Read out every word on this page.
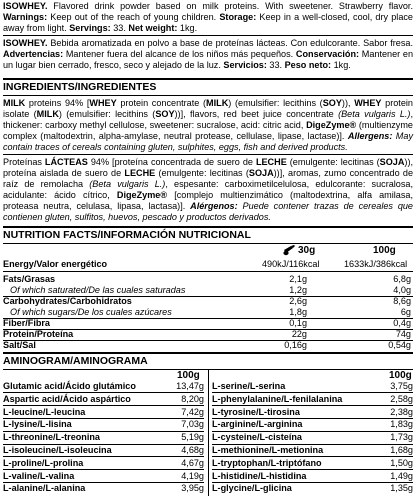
ISOWHEY. Flavored drink powder based on milk proteins. With sweetener. Strawberry flavor. Warnings: Keep out of the reach of young children. Storage: Keep in a well-closed, cool, dry place away from light. Servings: 33. Net weight: 1kg.

ISOWHEY. Bebida aromatizada en polvo a base de proteínas lácteas. Con edulcorante. Sabor fresa. Advertencias: Mantener fuera del alcance de los niños más pequeños. Conservación: Mantener en un lugar bien cerrado, fresco, seco y alejado de la luz. Servicios: 33. Peso neto: 1kg.

INGREDIENTS/INGREDIENTES

MILK proteins 94% [WHEY protein concentrate (MILK) (emulsifier: lecithins (SOY)), WHEY protein isolate (MILK) (emulsifier: lecithins (SOY))], flavors, red beet juice concentrate (Beta vulgaris L.), thickener: carboxy methyl cellulose, sweetener: sucralose, acid: citric acid, DigeZyme® (multienzyme complex (maltodextrin, alpha-amylase, neutral protease, cellulase, lipase, lactase)]. Allergens: May contain traces of cereals containing gluten, sulphites, eggs, fish and derived products.

Proteínas LÁCTEAS 94% [proteína concentrada de suero de LECHE (emulgente: lecitinas (SOJA)), proteína aislada de suero de LECHE (emulgente: lecitinas (SOJA))], aromas, zumo concentrado de raíz de remolacha (Beta vulgaris L.), espesante: carboximetilcelulosa, edulcorante: sucralosa, acidulante: ácido cítrico, DigeZyme® [complejo multienzimático (maltodextrina, alfa amilasa, proteasa neutra, celulasa, lipasa, lactasa)]. Alérgenos: Puede contener trazas de cereales que contienen gluten, sulfitos, huevos, pescado y productos derivados.

NUTRITION FACTS/INFORMACIÓN NUTRICIONAL
30g	100g
Energy/Valor energético	490kJ/116kcal	1633kJ/386kcal
Fats/Grasas	2,1g	6,8g
Of which saturated/De las cuales saturadas	1,2g	4,0g
Carbohydrates/Carbohidratos	2,6g	8,6g
Of which sugars/De los cuales azúcares	1,8g	6g
Fiber/Fibra	0,1g	0,4g
Protein/Proteína	22g	74g
Salt/Sal	0,16g	0,54g
AMINOGRAM/AMINOGRAMA
100g	100g
Glutamic acid/Ácido glutámico	13,47g
Aspartic acid/Ácido aspártico	8,20g
L-leucine/L-leucina	7,42g
L-lysine/L-lisina	7,03g
L-threonine/L-treonina	5,19g
L-isoleucine/L-isoleucina	4,68g
L-proline/L-prolina	4,67g
L-valine/L-valina	4,19g
L-alanine/L-alanina	3,95g
L-serine/L-serina	3,75g
L-phenylalanine/L-fenilalanina	2,58g
L-tyrosine/L-tirosina	2,38g
L-arginine/L-arginina	1,83g
L-cysteine/L-cisteína	1,73g
L-methionine/L-metionina	1,68g
L-tryptophan/L-triptófano	1,50g
L-histidine/L-histidina	1,49g
L-glycine/L-glicina	1,35g
